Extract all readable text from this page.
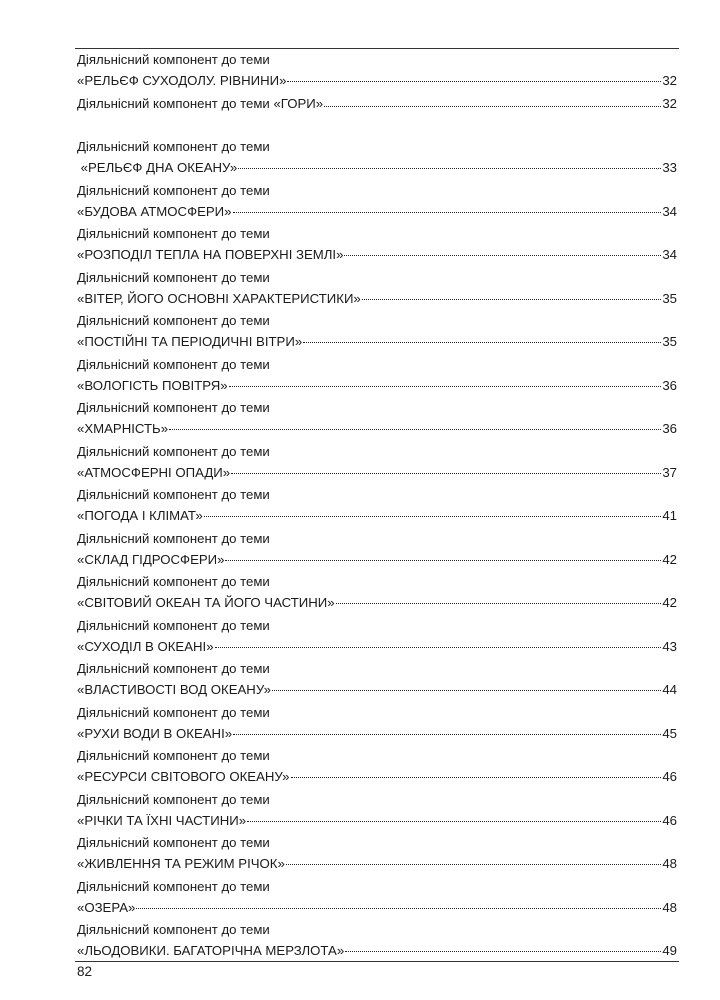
Діяльнісний компонент до теми
«РЕЛЬЄФ СУХОДОЛУ. РІВНИНИ»	32
Діяльнісний компонент до теми «ГОРИ»	32
Діяльнісний компонент до теми
«РЕЛЬЄФ ДНА ОКЕАНУ»	33
Діяльнісний компонент до теми
«БУДОВА АТМОСФЕРИ»	34
Діяльнісний компонент до теми
«РОЗПОДІЛ ТЕПЛА НА ПОВЕРХНІ ЗЕМЛІ»	34
Діяльнісний компонент до теми
«ВІТЕР, ЙОГО ОСНОВНІ ХАРАКТЕРИСТИКИ»	35
Діяльнісний компонент до теми
«ПОСТІЙНІ ТА ПЕРІОДИЧНІ ВІТРИ»	35
Діяльнісний компонент до теми
«ВОЛОГІСТЬ ПОВІТРЯ»	36
Діяльнісний компонент до теми
«ХМАРНІСТЬ»	36
Діяльнісний компонент до теми
«АТМОСФЕРНІ ОПАДИ»	37
Діяльнісний компонент до теми
«ПОГОДА І КЛІМАТ»	41
Діяльнісний компонент до теми
«СКЛАД ГІДРОСФЕРИ»	42
Діяльнісний компонент до теми
«СВІТОВИЙ ОКЕАН ТА ЙОГО ЧАСТИНИ»	42
Діяльнісний компонент до теми
«СУХОДІЛ В ОКЕАНІ»	43
Діяльнісний компонент до теми
«ВЛАСТИВОСТІ ВОД ОКЕАНУ»	44
Діяльнісний компонент до теми
«РУХИ ВОДИ В ОКЕАНІ»	45
Діяльнісний компонент до теми
«РЕСУРСИ СВІТОВОГО ОКЕАНУ»	46
Діяльнісний компонент до теми
«РІЧКИ ТА ЇХНІ ЧАСТИНИ»	46
Діяльнісний компонент до теми
«ЖИВЛЕННЯ ТА РЕЖИМ РІЧОК»	48
Діяльнісний компонент до теми
«ОЗЕРА»	48
Діяльнісний компонент до теми
«ЛЬОДОВИКИ. БАГАТОРІЧНА МЕРЗЛОТА»	49
82
